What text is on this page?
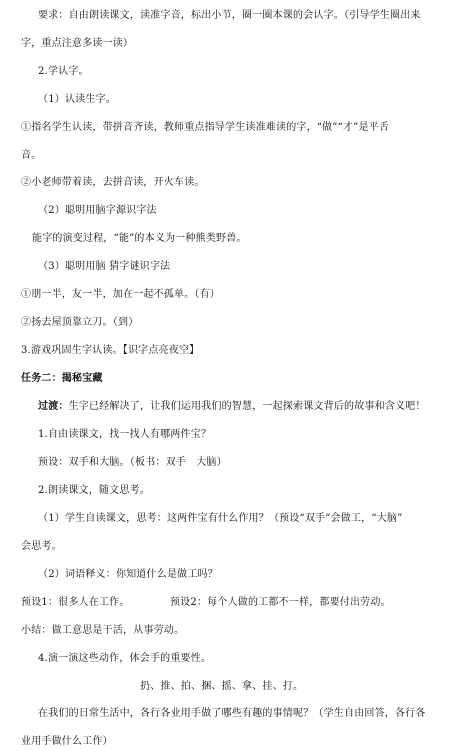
要求：自由朗读课文，读准字音，标出小节，圈一圈本课的会认字。（引导学生圈出来
字，重点注意多读一读）
2.学认字。
（1）认读生字。
①指名学生认读，带拼音齐读，教师重点指导学生读准难读的字，“做”“才”是平舌
音。
②小老师带着读，去拼音读，开火车读。
（2）聪明用脑字源识字法
能字的演变过程，“能”的本义为一种熊类野兽。
（3）聪明用脑 猜字谜识字法
①朋一半，友一半，加在一起不孤单。（有）
②扬去屋顶靠立刀。（到）
3.游戏巩固生字认读。【识字点亮夜空】
任务二：揭秘宝藏
过渡：生字已经解决了，让我们运用我们的智慧，一起探索课文背后的故事和含义吧！
1.自由读课文，找一找人有哪两件宝？
预设：双手和大脑。（板书：双手　大脑）
2.朗读课文，随文思考。
（1）学生自读课文，思考：这两件宝有什么作用？（预设“双手”会做工，“大脑”
会思考。
（2）词语释义：你知道什么是做工吗？
预设1：很多人在工作。	预设2：每个人做的工都不一样，都要付出劳动。
小结：做工意思是干活，从事劳动。
4.演一演这些动作，体会手的重要性。
扔、推、拍、捆、摇、拿、挂、打。
在我们的日常生活中，各行各业用手做了哪些有趣的事情呢？（学生自由回答，各行各
业用手做什么工作）
